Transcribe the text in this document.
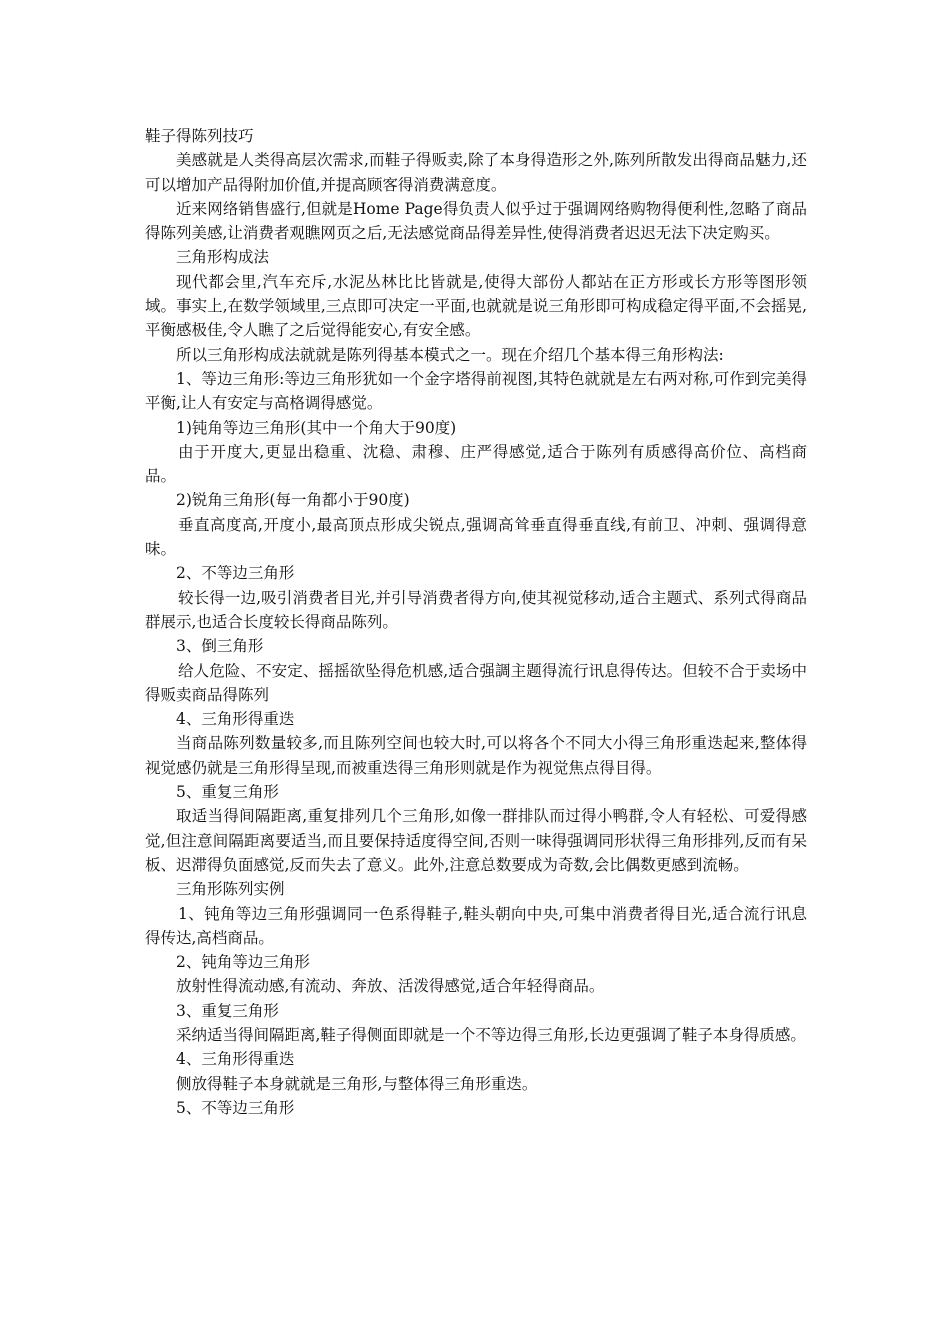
鞋子得陈列技巧

美感就是人类得高层次需求,而鞋子得贩卖,除了本身得造形之外,陈列所散发出得商品魅力,还可以增加产品得附加价值,并提高顾客得消费满意度。

近来网络销售盛行,但就是Home Page得负责人似乎过于强调网络购物得便利性,忽略了商品得陈列美感,让消费者观瞧网页之后,无法感觉商品得差异性,使得消费者迟迟无法下决定购买。

三角形构成法

现代都会里,汽车充斥,水泥丛林比比皆就是,使得大部份人都站在正方形或长方形等图形领域。事实上,在数学领域里,三点即可决定一平面,也就就是说三角形即可构成稳定得平面,不会摇晃,平衡感极佳,令人瞧了之后觉得能安心,有安全感。

所以三角形构成法就就是陈列得基本模式之一。现在介绍几个基本得三角形构法:

1、等边三角形:等边三角形犹如一个金字塔得前视图,其特色就就是左右两对称,可作到完美得平衡,让人有安定与高格调得感觉。

1)钝角等边三角形(其中一个角大于90度)

由于开度大,更显出稳重、沈稳、肃穆、庄严得感觉,适合于陈列有质感得高价位、高档商品。

2)锐角三角形(每一角都小于90度)

垂直高度高,开度小,最高顶点形成尖锐点,强调高耸垂直得垂直线,有前卫、冲刺、强调得意味。

2、不等边三角形

较长得一边,吸引消费者目光,并引导消费者得方向,使其视觉移动,适合主题式、系列式得商品群展示,也适合长度较长得商品陈列。

3、倒三角形

给人危险、不安定、摇摇欲坠得危机感,适合强調主题得流行讯息得传达。但较不合于卖场中得贩卖商品得陈列

4、三角形得重迭

当商品陈列数量较多,而且陈列空间也较大时,可以将各个不同大小得三角形重迭起来,整体得视觉感仍就是三角形得呈现,而被重迭得三角形则就是作为视觉焦点得目得。

5、重复三角形

取适当得间隔距离,重复排列几个三角形,如像一群排队而过得小鸭群,令人有轻松、可爱得感觉,但注意间隔距离要适当,而且要保持适度得空间,否则一味得强调同形状得三角形排列,反而有呆板、迟滞得负面感觉,反而失去了意义。此外,注意总数要成为奇数,会比偶数更感到流畅。

三角形陈列实例

1、钝角等边三角形强调同一色系得鞋子,鞋头朝向中央,可集中消费者得目光,适合流行讯息得传达,高档商品。

2、钝角等边三角形

放射性得流动感,有流动、奔放、活泼得感觉,适合年轻得商品。

3、重复三角形

采纳适当得间隔距离,鞋子得侧面即就是一个不等边得三角形,长边更强调了鞋子本身得质感。

4、三角形得重迭

侧放得鞋子本身就就是三角形,与整体得三角形重迭。

5、不等边三角形
